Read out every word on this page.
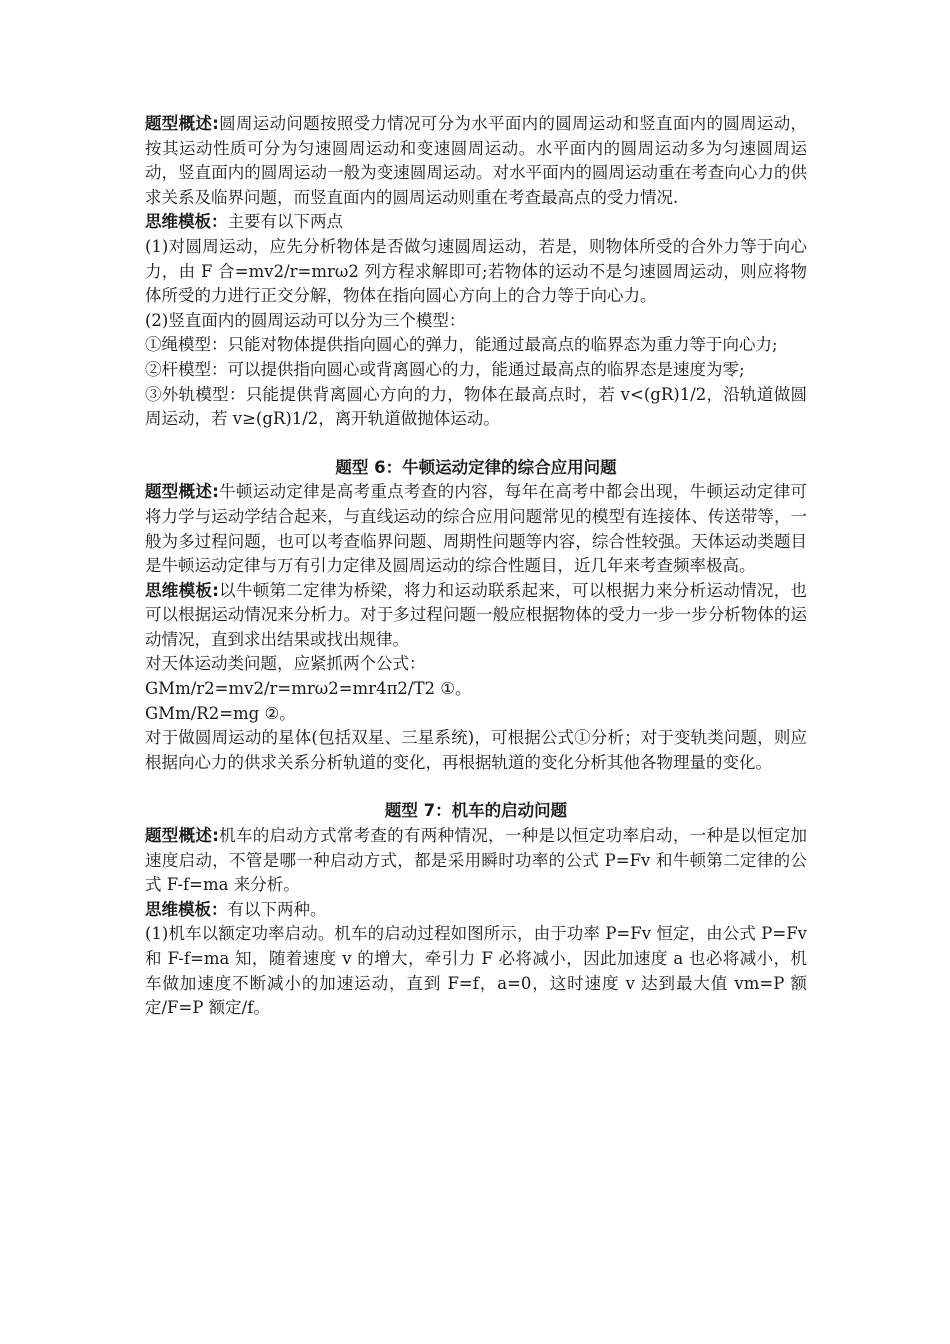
题型概述:圆周运动问题按照受力情况可分为水平面内的圆周运动和竖直面内的圆周运动，按其运动性质可分为匀速圆周运动和变速圆周运动。水平面内的圆周运动多为匀速圆周运动，竖直面内的圆周运动一般为变速圆周运动。对水平面内的圆周运动重在考查向心力的供求关系及临界问题，而竖直面内的圆周运动则重在考查最高点的受力情况.

思维模板：主要有以下两点

(1)对圆周运动，应先分析物体是否做匀速圆周运动，若是，则物体所受的合外力等于向心力，由 F 合=mv2/r=mrω2 列方程求解即可;若物体的运动不是匀速圆周运动，则应将物体所受的力进行正交分解，物体在指向圆心方向上的合力等于向心力。

(2)竖直面内的圆周运动可以分为三个模型：

①绳模型：只能对物体提供指向圆心的弹力，能通过最高点的临界态为重力等于向心力;

②杆模型：可以提供指向圆心或背离圆心的力，能通过最高点的临界态是速度为零;

③外轨模型：只能提供背离圆心方向的力，物体在最高点时，若 v<(gR)1/2，沿轨道做圆周运动，若 v≥(gR)1/2，离开轨道做抛体运动。

题型 6：牛顿运动定律的综合应用问题

题型概述:牛顿运动定律是高考重点考查的内容，每年在高考中都会出现，牛顿运动定律可将力学与运动学结合起来，与直线运动的综合应用问题常见的模型有连接体、传送带等，一般为多过程问题，也可以考查临界问题、周期性问题等内容，综合性较强。天体运动类题目是牛顿运动定律与万有引力定律及圆周运动的综合性题目，近几年来考查频率极高。

思维模板:以牛顿第二定律为桥梁，将力和运动联系起来，可以根据力来分析运动情况，也可以根据运动情况来分析力。对于多过程问题一般应根据物体的受力一步一步分析物体的运动情况，直到求出结果或找出规律。

对天体运动类问题，应紧抓两个公式：

GMm/r2=mv2/r=mrω2=mr4π2/T2 ①。

GMm/R2=mg ②。

对于做圆周运动的星体(包括双星、三星系统)，可根据公式①分析；对于变轨类问题，则应根据向心力的供求关系分析轨道的变化，再根据轨道的变化分析其他各物理量的变化。

题型 7：机车的启动问题

题型概述:机车的启动方式常考查的有两种情况，一种是以恒定功率启动，一种是以恒定加速度启动，不管是哪一种启动方式，都是采用瞬时功率的公式 P=Fv 和牛顿第二定律的公式 F-f=ma 来分析。

思维模板：有以下两种。

(1)机车以额定功率启动。机车的启动过程如图所示，由于功率 P=Fv 恒定，由公式 P=Fv 和 F-f=ma 知，随着速度 v 的增大，牵引力 F 必将减小，因此加速度 a 也必将减小，机车做加速度不断减小的加速运动，直到 F=f，a=0，这时速度 v 达到最大值 vm=P 额定/F=P 额定/f。
